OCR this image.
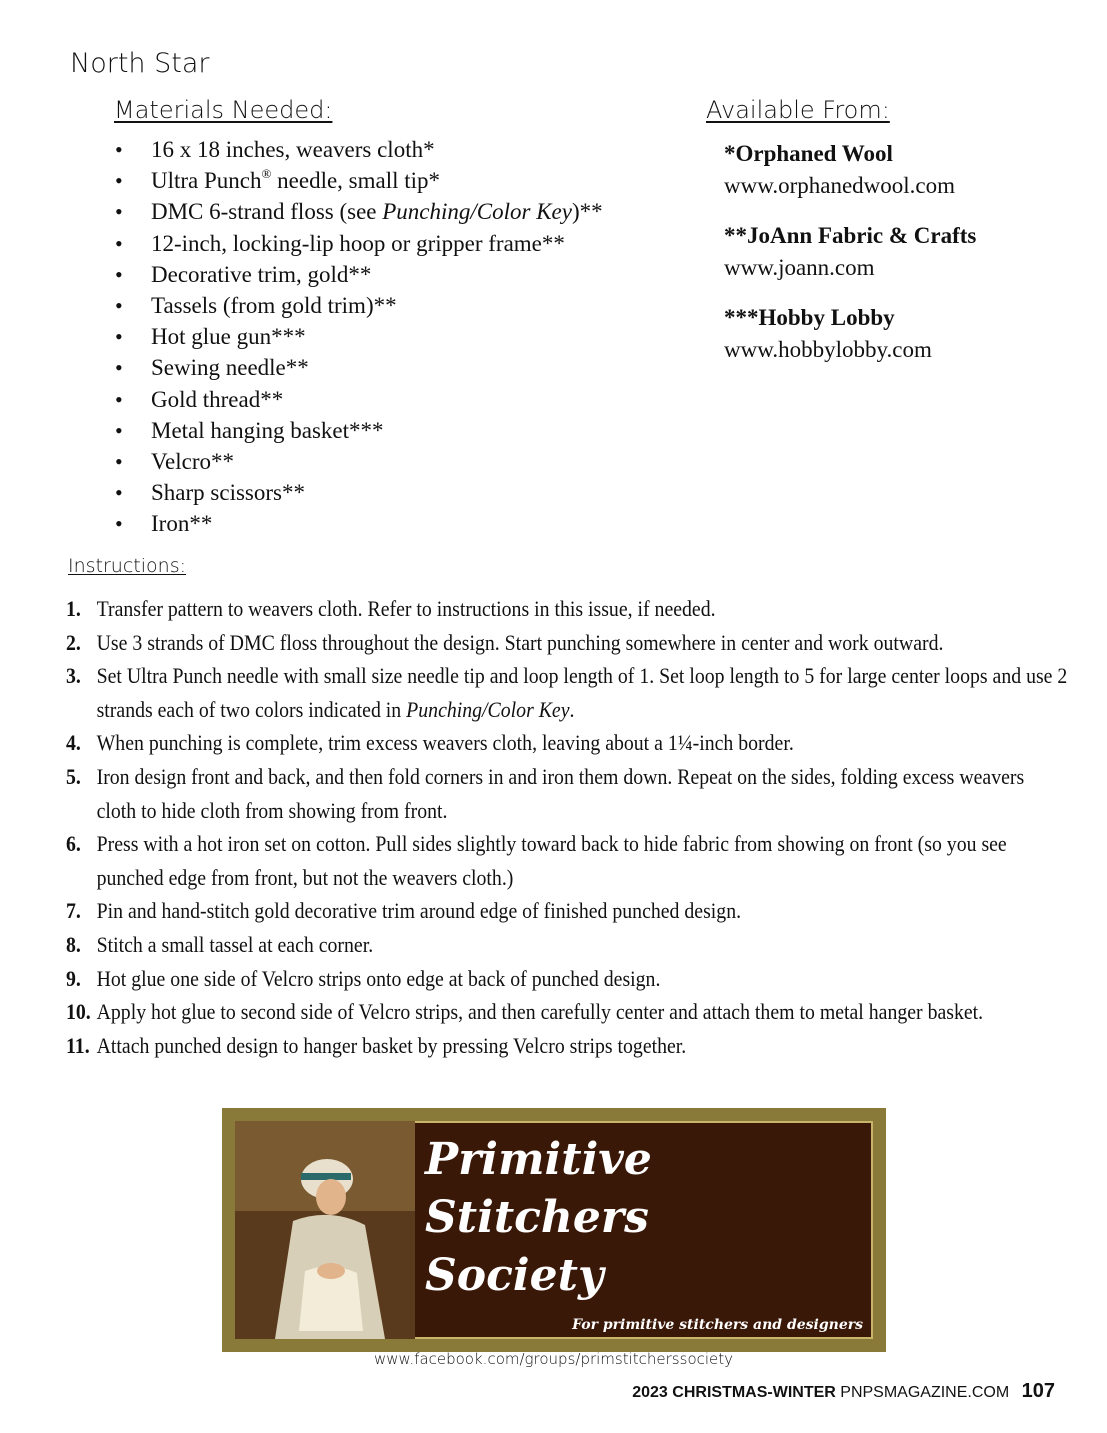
North Star
Materials Needed:	Available From:
• 16 x 18 inches, weavers cloth*
• Ultra Punch® needle, small tip*
• DMC 6-strand floss (see Punching/Color Key)**
• 12-inch, locking-lip hoop or gripper frame**
• Decorative trim, gold**
• Tassels (from gold trim)**
• Hot glue gun***
• Sewing needle**
• Gold thread**
• Metal hanging basket***
• Velcro**
• Sharp scissors**
• Iron**
*Orphaned Wool
www.orphanedwool.com
**JoAnn Fabric & Crafts
www.joann.com
***Hobby Lobby
www.hobbylobby.com
Instructions:
1. Transfer pattern to weavers cloth. Refer to instructions in this issue, if needed.
2. Use 3 strands of DMC floss throughout the design. Start punching somewhere in center and work outward.
3. Set Ultra Punch needle with small size needle tip and loop length of 1. Set loop length to 5 for large center loops and use 2 strands each of two colors indicated in Punching/Color Key.
4. When punching is complete, trim excess weavers cloth, leaving about a 1¼-inch border.
5. Iron design front and back, and then fold corners in and iron them down. Repeat on the sides, folding excess weavers cloth to hide cloth from showing from front.
6. Press with a hot iron set on cotton. Pull sides slightly toward back to hide fabric from showing on front (so you see punched edge from front, but not the weavers cloth.)
7. Pin and hand-stitch gold decorative trim around edge of finished punched design.
8. Stitch a small tassel at each corner.
9. Hot glue one side of Velcro strips onto edge at back of punched design.
10. Apply hot glue to second side of Velcro strips, and then carefully center and attach them to metal hanger basket.
11. Attach punched design to hanger basket by pressing Velcro strips together.
Primitive
Stitchers
Society
For primitive stitchers and designers
www.facebook.com/groups/primstitcherssociety
2023 CHRISTMAS-WINTER PNPSMAGAZINE.COM 107
